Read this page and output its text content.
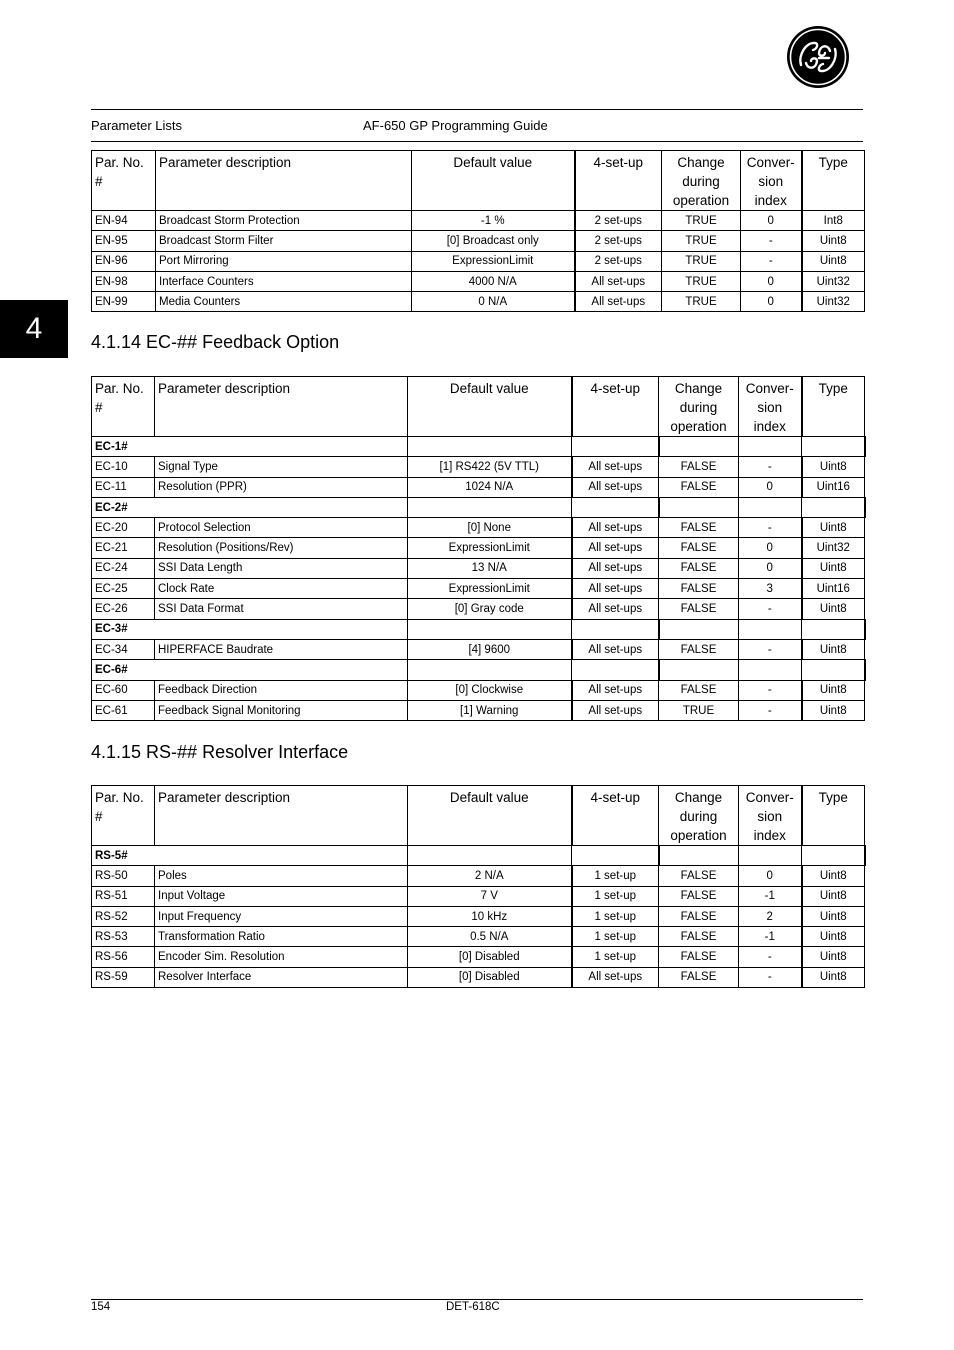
Parameter Lists	AF-650 GP Programming Guide
4
Par. No. #	Parameter description	Default value	4-set-up	Change during operation	Conver- sion index	Type
EN-94	Broadcast Storm Protection	-1 %	2 set-ups	TRUE	0	Int8
EN-95	Broadcast Storm Filter	[0] Broadcast only	2 set-ups	TRUE	-	Uint8
EN-96	Port Mirroring	ExpressionLimit	2 set-ups	TRUE	-	Uint8
EN-98	Interface Counters	4000 N/A	All set-ups	TRUE	0	Uint32
EN-99	Media Counters	0 N/A	All set-ups	TRUE	0	Uint32
4.1.14 EC-## Feedback Option
Par. No. #	Parameter description	Default value	4-set-up	Change during operation	Conver- sion index	Type
EC-1#						
EC-10	Signal Type	[1] RS422 (5V TTL)	All set-ups	FALSE	-	Uint8
EC-11	Resolution (PPR)	1024 N/A	All set-ups	FALSE	0	Uint16
EC-2#						
EC-20	Protocol Selection	[0] None	All set-ups	FALSE	-	Uint8
EC-21	Resolution (Positions/Rev)	ExpressionLimit	All set-ups	FALSE	0	Uint32
EC-24	SSI Data Length	13 N/A	All set-ups	FALSE	0	Uint8
EC-25	Clock Rate	ExpressionLimit	All set-ups	FALSE	3	Uint16
EC-26	SSI Data Format	[0] Gray code	All set-ups	FALSE	-	Uint8
EC-3#						
EC-34	HIPERFACE Baudrate	[4] 9600	All set-ups	FALSE	-	Uint8
EC-6#						
EC-60	Feedback Direction	[0] Clockwise	All set-ups	FALSE	-	Uint8
EC-61	Feedback Signal Monitoring	[1] Warning	All set-ups	TRUE	-	Uint8
4.1.15 RS-## Resolver Interface
Par. No. #	Parameter description	Default value	4-set-up	Change during operation	Conver- sion index	Type
RS-5#						
RS-50	Poles	2 N/A	1 set-up	FALSE	0	Uint8
RS-51	Input Voltage	7 V	1 set-up	FALSE	-1	Uint8
RS-52	Input Frequency	10 kHz	1 set-up	FALSE	2	Uint8
RS-53	Transformation Ratio	0.5 N/A	1 set-up	FALSE	-1	Uint8
RS-56	Encoder Sim. Resolution	[0] Disabled	1 set-up	FALSE	-	Uint8
RS-59	Resolver Interface	[0] Disabled	All set-ups	FALSE	-	Uint8
154	DET-618C
